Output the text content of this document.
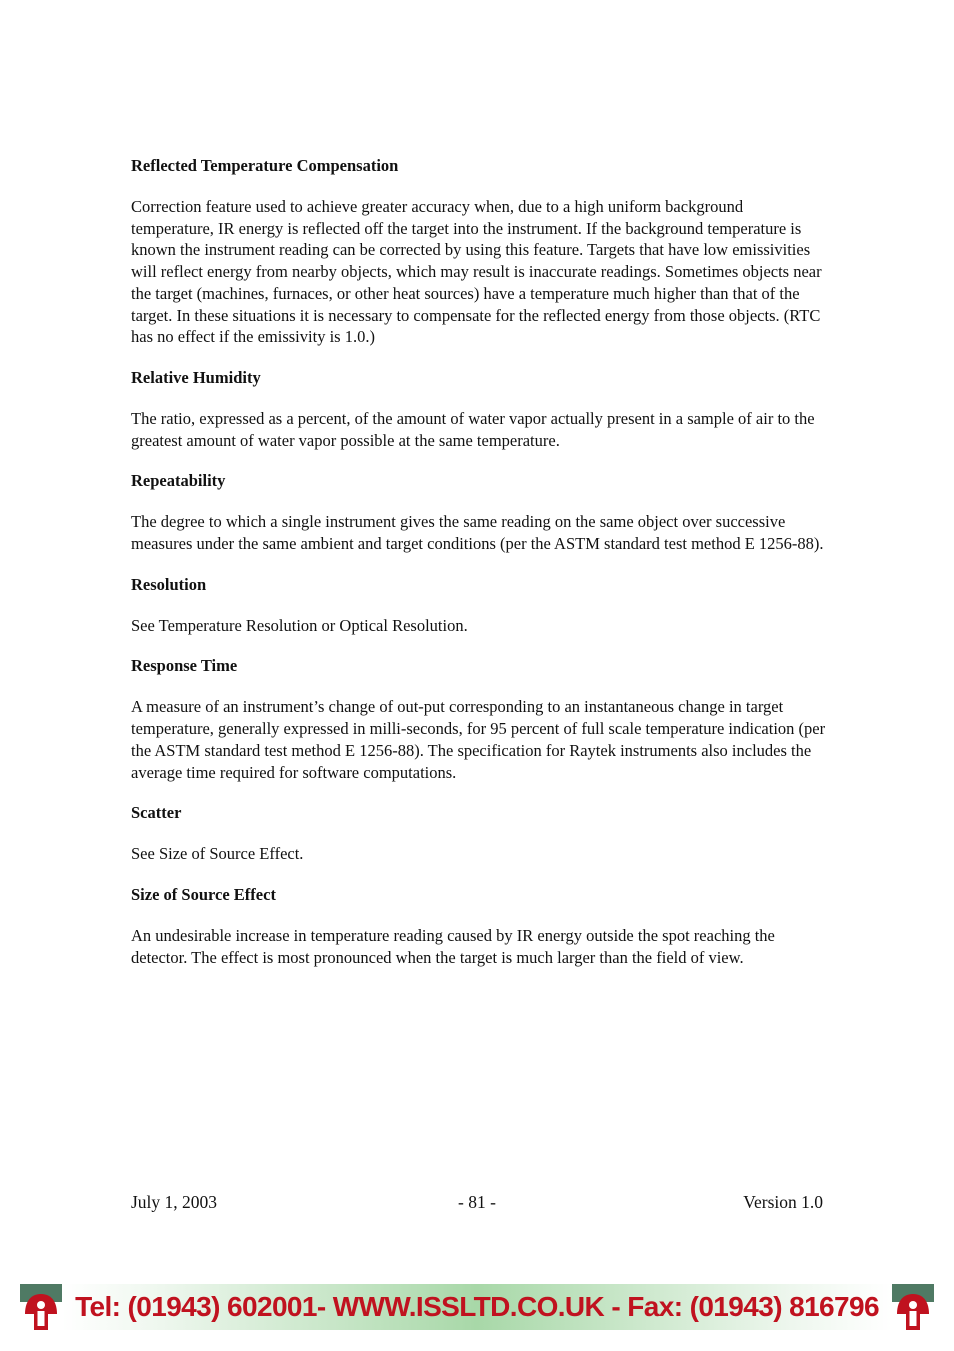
Reflected Temperature Compensation
Correction feature used to achieve greater accuracy when, due to a high uniform background temperature, IR energy is reflected off the target into the instrument. If the background temperature is known the instrument reading can be corrected by using this feature. Targets that have low emissivities will reflect energy from nearby objects, which may result is inaccurate readings. Sometimes objects near the target (machines, furnaces, or other heat sources) have a temperature much higher than that of the target. In these situations it is necessary to compensate for the reflected energy from those objects. (RTC has no effect if the emissivity is 1.0.)
Relative Humidity
The ratio, expressed as a percent, of the amount of water vapor actually present in a sample of air to the greatest amount of water vapor possible at the same temperature.
Repeatability
The degree to which a single instrument gives the same reading on the same object over successive measures under the same ambient and target conditions (per the ASTM standard test method E 1256-88).
Resolution
See Temperature Resolution or Optical Resolution.
Response Time
A measure of an instrument’s change of out-put corresponding to an instantaneous change in target temperature, generally expressed in milli-seconds, for 95 percent of full scale temperature indication (per the ASTM standard test method E 1256-88). The specification for Raytek instruments also includes the average time required for software computations.
Scatter
See Size of Source Effect.
Size of Source Effect
An undesirable increase in temperature reading caused by IR energy outside the spot reaching the detector. The effect is most pronounced when the target is much larger than the field of view.
July 1, 2003	- 81 -	Version 1.0
Tel: (01943) 602001- WWW.ISSLTD.CO.UK - Fax: (01943) 816796
